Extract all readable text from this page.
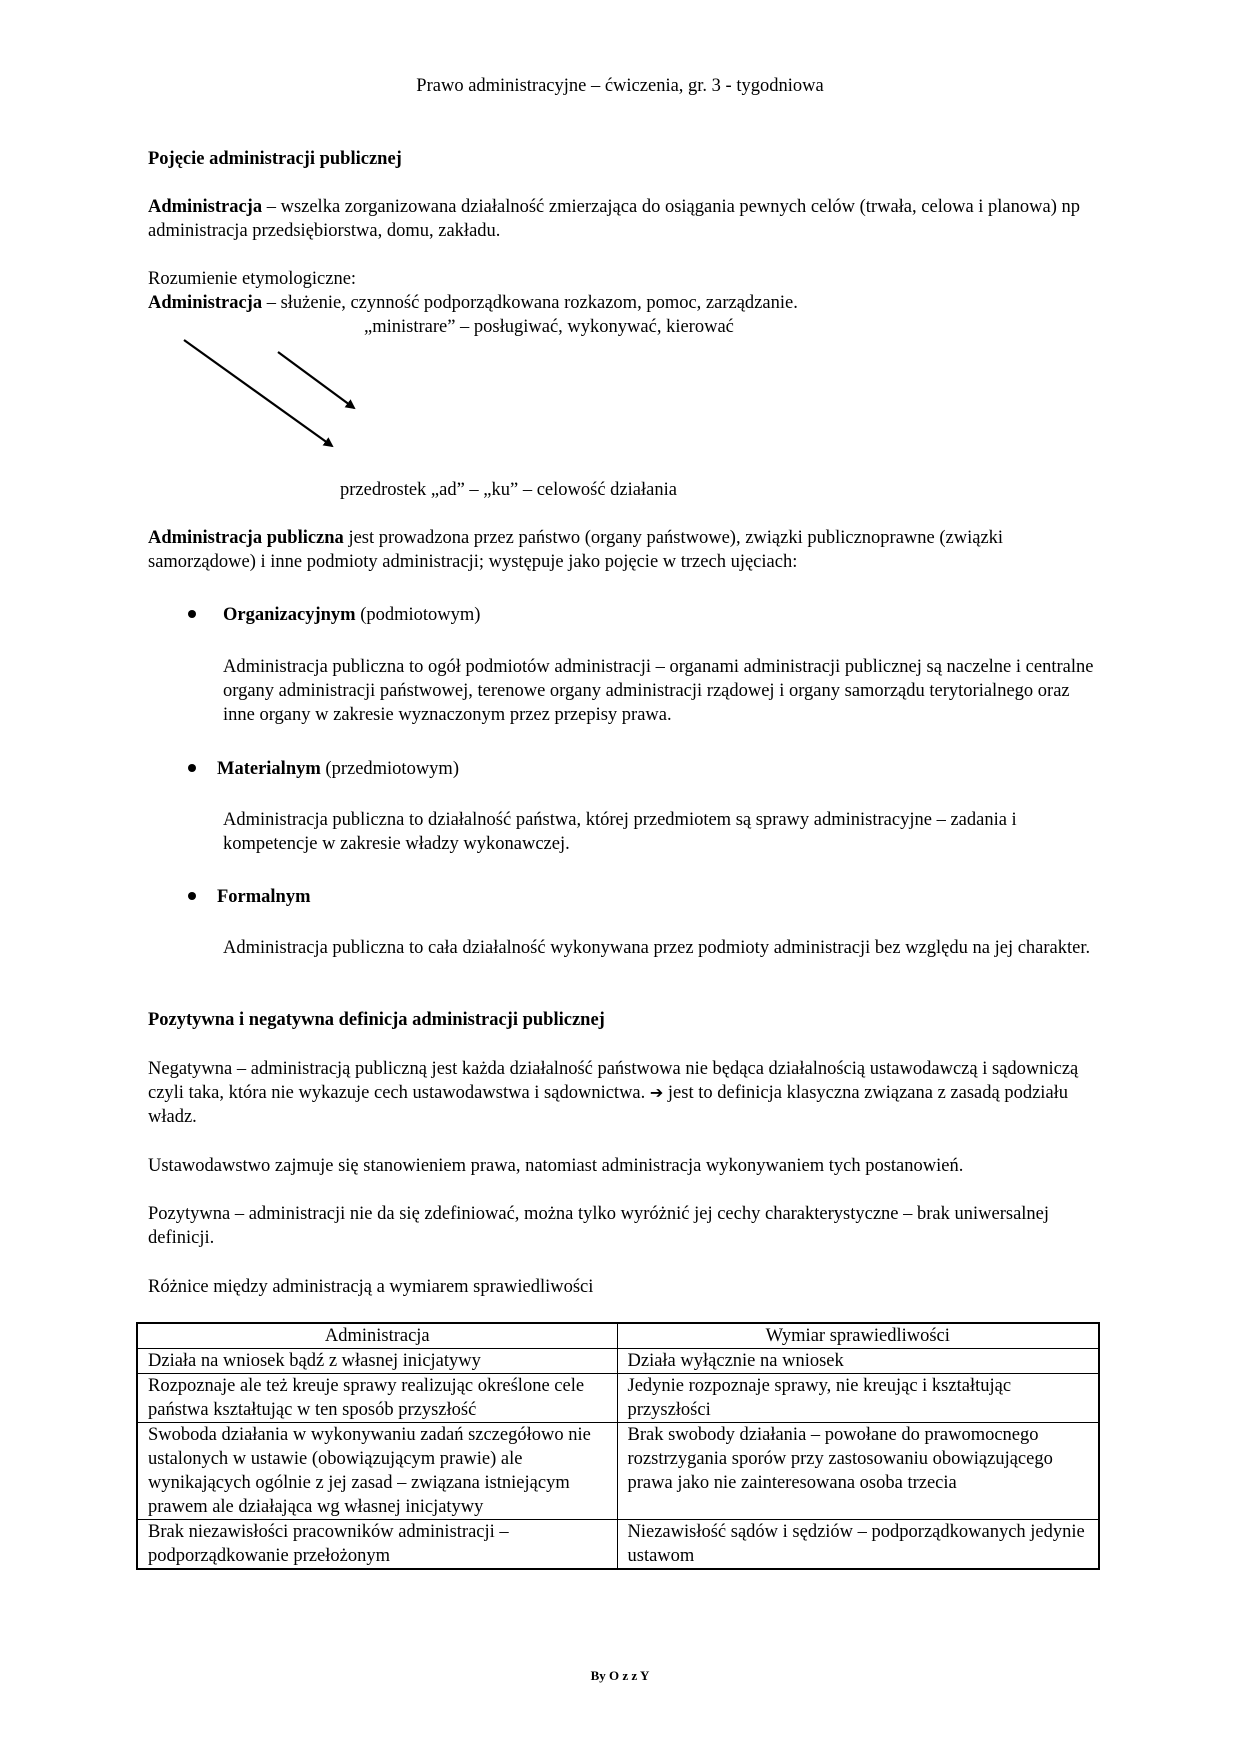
Prawo administracyjne – ćwiczenia, gr. 3 - tygodniowa
Pojęcie administracji publicznej
Administracja – wszelka zorganizowana działalność zmierzająca do osiągania pewnych celów (trwała, celowa i planowa) np administracja przedsiębiorstwa, domu, zakładu.
Rozumienie etymologiczne:
Administracja – służenie, czynność podporządkowana rozkazom, pomoc, zarządzanie.
„ministrare” – posługiwać, wykonywać, kierować
przedrostek „ad” – „ku” – celowość działania
Administracja publiczna jest prowadzona przez państwo (organy państwowe), związki publicznoprawne (związki samorządowe) i inne podmioty administracji; występuje jako pojęcie w trzech ujęciach:
Organizacyjnym (podmiotowym)
Administracja publiczna to ogół podmiotów administracji – organami administracji publicznej są naczelne i centralne organy administracji państwowej, terenowe organy administracji rządowej i organy samorządu terytorialnego oraz inne organy w zakresie wyznaczonym przez przepisy prawa.
Materialnym (przedmiotowym)
Administracja publiczna to działalność państwa, której przedmiotem są sprawy administracyjne – zadania i kompetencje w zakresie władzy wykonawczej.
Formalnym
Administracja publiczna to cała działalność wykonywana przez podmioty administracji bez względu na jej charakter.
Pozytywna i negatywna definicja administracji publicznej
Negatywna – administracją publiczną jest każda działalność państwowa nie będąca działalnością ustawodawczą i sądowniczą czyli taka, która nie wykazuje cech ustawodawstwa i sądownictwa. ➔ jest to definicja klasyczna związana z zasadą podziału władz.
Ustawodawstwo zajmuje się stanowieniem prawa, natomiast administracja wykonywaniem tych postanowień.
Pozytywna – administracji nie da się zdefiniować, można tylko wyróżnić jej cechy charakterystyczne – brak uniwersalnej definicji.
Różnice między administracją a wymiarem sprawiedliwości
Administracja	Wymiar sprawiedliwości
Działa na wniosek bądź z własnej inicjatywy	Działa wyłącznie na wniosek
Rozpoznaje ale też kreuje sprawy realizując określone cele państwa kształtując w ten sposób przyszłość	Jedynie rozpoznaje sprawy, nie kreując i kształtując przyszłości
Swoboda działania w wykonywaniu zadań szczegółowo nie ustalonych w ustawie (obowiązującym prawie) ale wynikających ogólnie z jej zasad – związana istniejącym prawem ale działająca wg własnej inicjatywy	Brak swobody działania – powołane do prawomocnego rozstrzygania sporów przy zastosowaniu obowiązującego prawa jako nie zainteresowana osoba trzecia
Brak niezawisłości pracowników administracji – podporządkowanie przełożonym	Niezawisłość sądów i sędziów – podporządkowanych jedynie ustawom
By O z z Y
